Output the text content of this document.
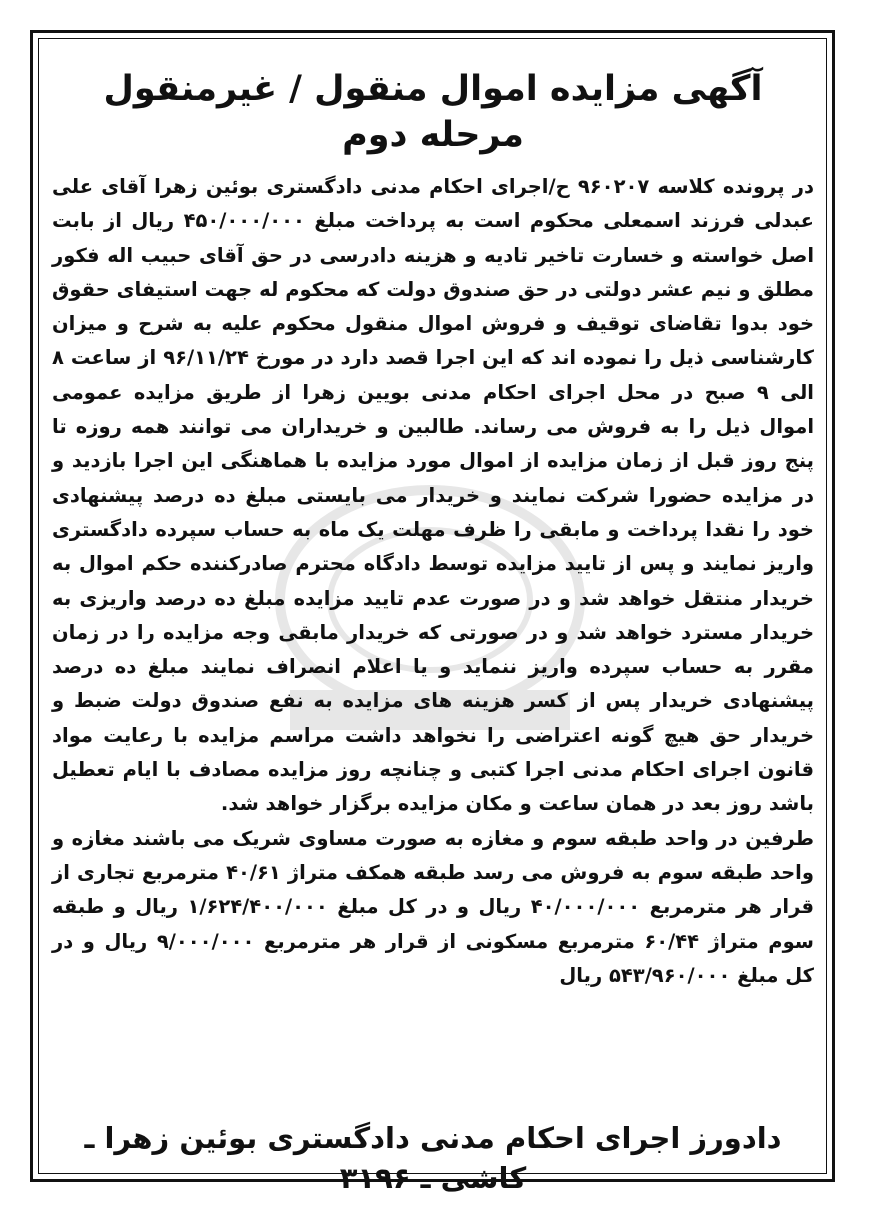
آگهی مزایده اموال منقول / غیرمنقول مرحله دوم

در پرونده کلاسه ۹۶۰۲۰۷ ح/اجرای احکام مدنی دادگستری بوئین زهرا آقای علی عبدلی فرزند اسمعلی محکوم است به پرداخت مبلغ ۴۵۰/۰۰۰/۰۰۰ ریال از بابت اصل خواسته و خسارت تاخیر تادیه و هزینه دادرسی در حق آقای حبیب اله فکور مطلق و نیم عشر دولتی در حق صندوق دولت که محکوم له جهت استیفای حقوق خود بدوا تقاضای توقیف و فروش اموال منقول محکوم علیه به شرح و میزان کارشناسی ذیل را نموده اند که این اجرا قصد دارد در مورخ ۹۶/۱۱/۲۴ از ساعت ۸ الی ۹ صبح در محل اجرای احکام مدنی بویین زهرا از طریق مزایده عمومی اموال ذیل را به فروش می رساند. طالبین و خریداران می توانند همه روزه تا پنج روز قبل از زمان مزایده از اموال مورد مزایده با هماهنگی این اجرا بازدید و در مزایده حضورا شرکت نمایند و خریدار می بایستی مبلغ ده درصد پیشنهادی خود را نقدا پرداخت و مابقی را ظرف مهلت یک ماه به حساب سپرده دادگستری واریز نمایند و پس از تایید مزایده توسط دادگاه محترم صادرکننده حکم اموال به خریدار منتقل خواهد شد و در صورت عدم تایید مزایده مبلغ ده درصد واریزی به خریدار مسترد خواهد شد و در صورتی که خریدار مابقی وجه مزایده را در زمان مقرر به حساب سپرده واریز ننماید و یا اعلام انصراف نمایند مبلغ ده درصد پیشنهادی خریدار پس از کسر هزینه های مزایده به نفع صندوق دولت ضبط و خریدار حق هیچ گونه اعتراضی را نخواهد داشت مراسم مزایده با رعایت مواد قانون اجرای احکام مدنی اجرا کتبی و چنانچه روز مزایده مصادف با ایام تعطیل باشد روز بعد در همان ساعت و مکان مزایده برگزار خواهد شد.

طرفین در واحد طبقه سوم و مغازه به صورت مساوی شریک می باشند مغازه و واحد طبقه سوم به فروش می رسد طبقه همکف متراژ ۴۰/۶۱ مترمربع تجاری از قرار هر مترمربع ۴۰/۰۰۰/۰۰۰ ریال و در کل مبلغ ۱/۶۲۴/۴۰۰/۰۰۰ ریال و طبقه سوم متراژ ۶۰/۴۴ مترمربع مسکونی از قرار هر مترمربع ۹/۰۰۰/۰۰۰ ریال و در کل مبلغ ۵۴۳/۹۶۰/۰۰۰ ریال

دادورز اجرای احکام مدنی دادگستری بوئین زهرا ـ کاشی ـ ۳۱۹۶
